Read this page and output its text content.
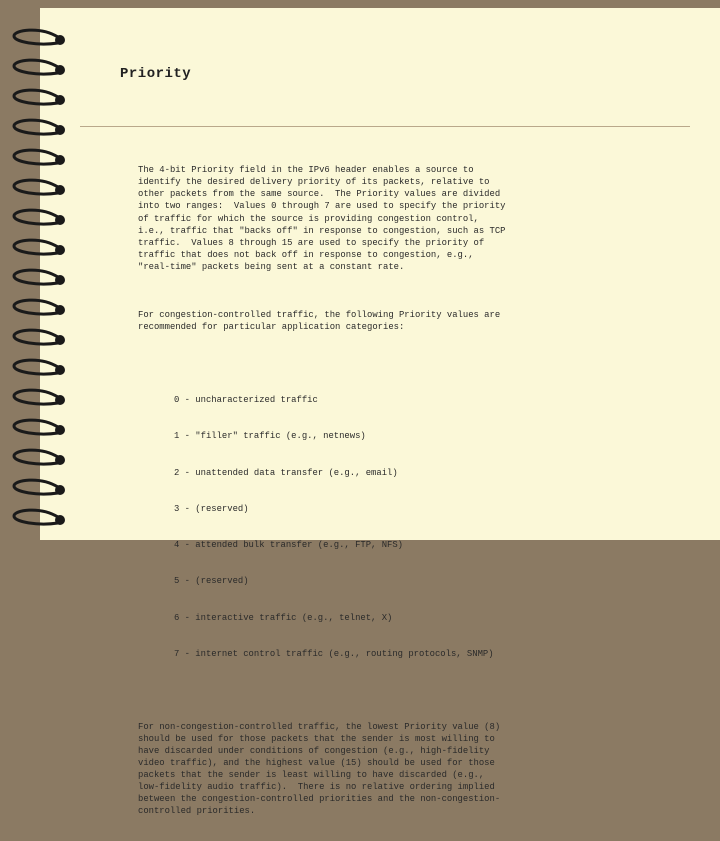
Priority

The 4-bit Priority field in the IPv6 header enables a source to
identify the desired delivery priority of its packets, relative to
other packets from the same source.  The Priority values are divided
into two ranges:  Values 0 through 7 are used to specify the priority
of traffic for which the source is providing congestion control,
i.e., traffic that "backs off" in response to congestion, such as TCP
traffic.  Values 8 through 15 are used to specify the priority of
traffic that does not back off in response to congestion, e.g.,
"real-time" packets being sent at a constant rate.

For congestion-controlled traffic, the following Priority values are
recommended for particular application categories:

0 - uncharacterized traffic

1 - "filler" traffic (e.g., netnews)

2 - unattended data transfer (e.g., email)

3 - (reserved)

4 - attended bulk transfer (e.g., FTP, NFS)

5 - (reserved)

6 - interactive traffic (e.g., telnet, X)

7 - internet control traffic (e.g., routing protocols, SNMP)

For non-congestion-controlled traffic, the lowest Priority value (8)
should be used for those packets that the sender is most willing to
have discarded under conditions of congestion (e.g., high-fidelity
video traffic), and the highest value (15) should be used for those
packets that the sender is least willing to have discarded (e.g.,
low-fidelity audio traffic).  There is no relative ordering implied
between the congestion-controlled priorities and the non-congestion-
controlled priorities.
